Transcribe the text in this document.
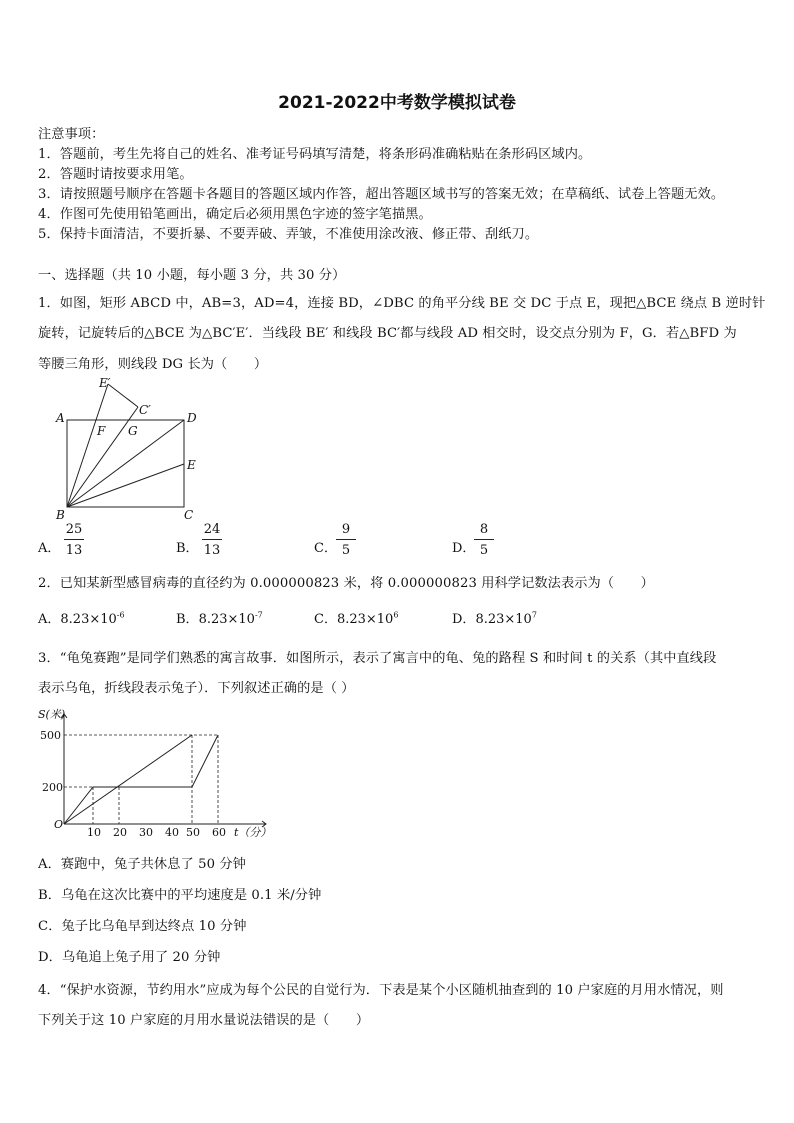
2021-2022中考数学模拟试卷
注意事项：
1．答题前，考生先将自己的姓名、准考证号码填写清楚，将条形码准确粘贴在条形码区域内。
2．答题时请按要求用笔。
3．请按照题号顺序在答题卡各题目的答题区域内作答，超出答题区域书写的答案无效；在草稿纸、试卷上答题无效。
4．作图可先使用铅笔画出，确定后必须用黑色字迹的签字笔描黑。
5．保持卡面清洁，不要折暴、不要弄破、弄皱，不准使用涂改液、修正带、刮纸刀。
一、选择题（共 10 小题，每小题 3 分，共 30 分）
1．如图，矩形 ABCD 中，AB=3，AD=4，连接 BD，∠DBC 的角平分线 BE 交 DC 于点 E，现把△BCE 绕点 B 逆时针
旋转，记旋转后的△BCE 为△BC′E′．当线段 BE′ 和线段 BC′都与线段 AD 相交时，设交点分别为 F，G．若△BFD 为
等腰三角形，则线段 DG 长为（　　）
A
B	C
D
E
F G
E′
C′
A．
25
13	B．
24
13	C．
9
5	D．
8
5
2．已知某新型感冒病毒的直径约为 0.000000823 米，将 0.000000823 用科学记数法表示为（　　）
A．$8.23\times 10^{-6}$	B．$8.23\times 10^{-7}$	C．$8.23\times 10^6$	D．$8.23\times 10^7$
3．“龟兔赛跑”是同学们熟悉的寓言故事．如图所示，表示了寓言中的龟、兔的路程 S 和时间 t 的关系（其中直线段
表示乌龟，折线段表示兔子）．下列叙述正确的是（ ）
S(米)
500
200
O
10 20 30 40 50 60 t（分）
A．赛跑中，兔子共休息了 50 分钟
B．乌龟在这次比赛中的平均速度是 0.1 米/分钟
C．兔子比乌龟早到达终点 10 分钟
D．乌龟追上兔子用了 20 分钟
4．“保护水资源，节约用水”应成为每个公民的自觉行为．下表是某个小区随机抽查到的 10 户家庭的月用水情况，则
下列关于这 10 户家庭的月用水量说法错误的是（　　）
